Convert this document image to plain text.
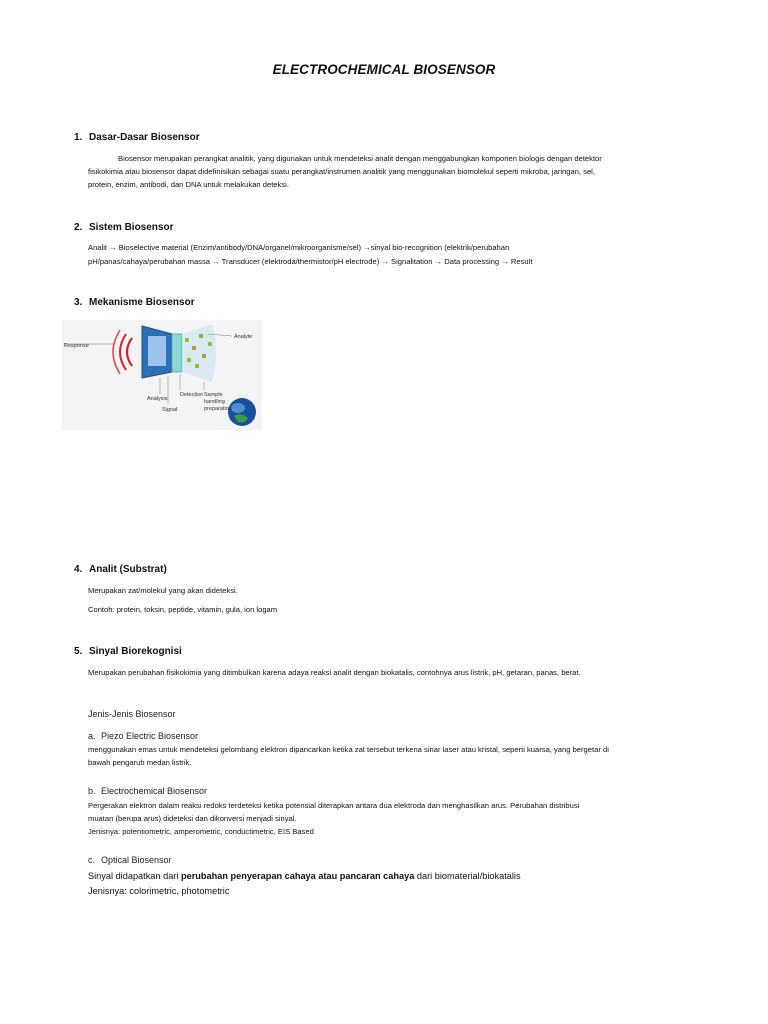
ELECTROCHEMICAL BIOSENSOR
1. Dasar-Dasar Biosensor
Biosensor merupakan perangkat analitik, yang digunakan untuk mendeteksi analit dengan menggabungkan komponen biologis dengan detektor
fisikokimia atau biosensor dapat didefinisikan sebagai suatu perangkat/instrumen analitik yang menggunakan biomolekul seperti mikroba, jaringan, sel,
protein, enzim, antibodi, dan DNA untuk melakukan deteksi.
2. Sistem Biosensor
Analit → Bioselective material (Enzim/antibody/DNA/organel/mikroorganisme/sel) →sinyal bio-recognition (elektrik/perubahan
pH/panas/cahaya/perubahan massa → Transducer (elektroda/thermistor/pH electrode) → Signalitation → Data processing → Result
3. Mekanisme Biosensor
Response
Analyte
Analysis
Signal
Detection Sample
handling
preparation
4. Analit (Substrat)
Merupakan zat/molekul yang akan dideteksi.
Contoh: protein, toksin, peptide, vitamin, gula, ion logam
5. Sinyal Biorekognisi
Merupakan perubahan fisikokimia yang ditimbulkan karena adaya reaksi analit dengan biokatalis, contohnya arus listrik, pH, getaran, panas, berat.
Jenis-Jenis Biosensor
a. Piezo Electric Biosensor
menggunakan emas untuk mendeteksi gelombang elektron dipancarkan ketika zat tersebut terkena sinar laser atau kristal, seperti kuarsa, yang bergetar di
bawah pengaruh medan listrik.
b. Electrochemical Biosensor
Pergerakan elektron dalam reaksi redoks terdeteksi ketika potensial diterapkan antara dua elektroda dan menghasilkan arus. Perubahan distribusi
muatan (berupa arus) dideteksi dan dikonversi menjadi sinyal.
Jenisnya: potentiometric, amperometric, conductimetric, EIS Based
c. Optical Biosensor
Sinyal didapatkan dari perubahan penyerapan cahaya atau pancaran cahaya dari biomaterial/biokatalis
Jenisnya: colorimetric, photometric
